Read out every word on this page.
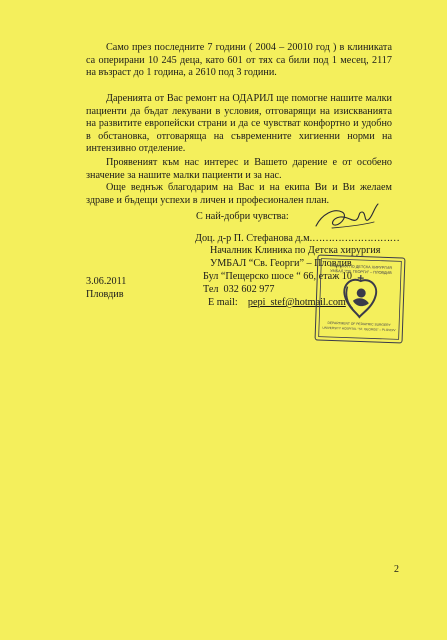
Само през последните 7 години ( 2004 – 20010 год ) в клиниката са оперирани 10 245 деца, като 601 от тях са били под 1 месец, 2117 на възраст до 1 година, а 2610 под 3 години.

Даренията от Вас ремонт на ОДАРИЛ ще помогне нашите малки пациенти да бъдат лекувани в условия, отговарящи на изискванията на развитите европейски страни и да се чувстват конфортно и удобно в обстановка, отговаряща на съвременните хигиенни норми на интензивно отделение.

Проявеният към нас интерес и Вашето дарение е от особено значение за нашите малки пациенти и за нас.

Още веднъж благодарим на Вас и на екипа Ви и Ви желаем здраве и бъдещи успехи в личен и професионален план.

С най-добри чувства:
Доц. д-р П. Стефанова д.м.………………………
Началник Клиника по Детска хирургия
УМБАЛ “Св. Георги” – Пловдив
Бул “Пещерско шосе “ 66, етаж 10
Тел 032 602 977
E mail: pepi_stef@hotmail.com
3.06.2011
Пловдив
КЛИНИКА ПО ДЕТСКА ХИРУРГИЯ
УМБАЛ “СВ. ГЕОРГИ” – ПЛОВДИВ
DEPARTMENT OF PEDIATRIC SURGERY
UNIVERSITY HOSPITAL “ST. GEORGE” – PLOVDIV
2
